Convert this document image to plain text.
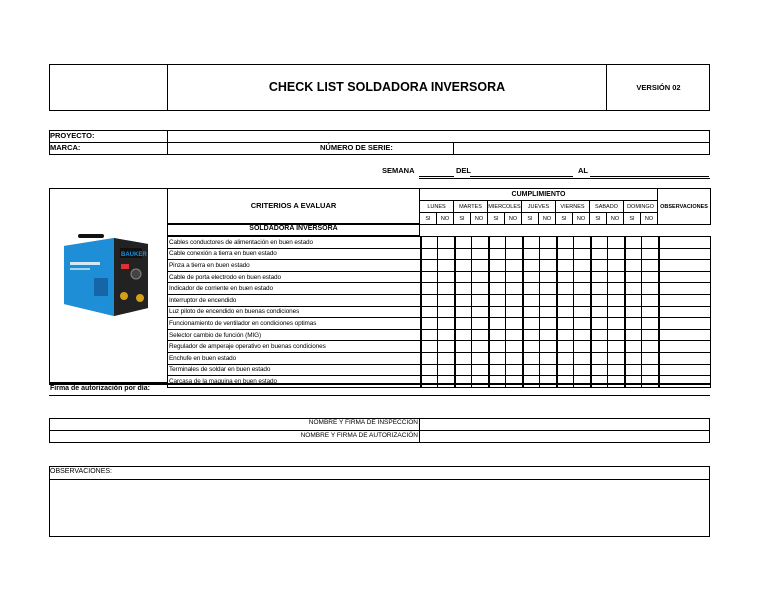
CHECK LIST SOLDADORA INVERSORA	VERSIÓN 02
PROYECTO:
MARCA:	NÚMERO DE SERIE:
SEMANA	DEL	AL
BAUKER
CRITERIOS A EVALUAR
SOLDADORA INVERSORA
CUMPLIMIENTO														OBSERVACIONES
LUNES		MARTES		MIERCOLES		JUEVES		VIERNES		SABADO		DOMINGO		
SI	NO	SI	NO	SI	NO	SI	NO	SI	NO	SI	NO	SI	NO	
Cables conductores de alimentación en buen estado															
Cable conexión a tierra en buen estado															
Pinza a tierra en buen estado															
Cable de porta electrodo en buen estado															
Indicador de corriente en buen estado															
Interruptor de encendido															
Luz piloto de encendido en buenas condiciones															
Funcionamiento de ventilador en condiciones optimas															
Selector cambio de función (MIG)															
Regulador de amperaje operativo en buenas condiciones															
Enchufe en buen estado															
Terminales de soldar en buen estado															
Carcasa de la maquina en buen estado															
Firma de autorización por día:
NOMBRE Y FIRMA DE INSPECCIÓN
NOMBRE Y FIRMA DE AUTORIZACIÓN
OBSERVACIONES:
